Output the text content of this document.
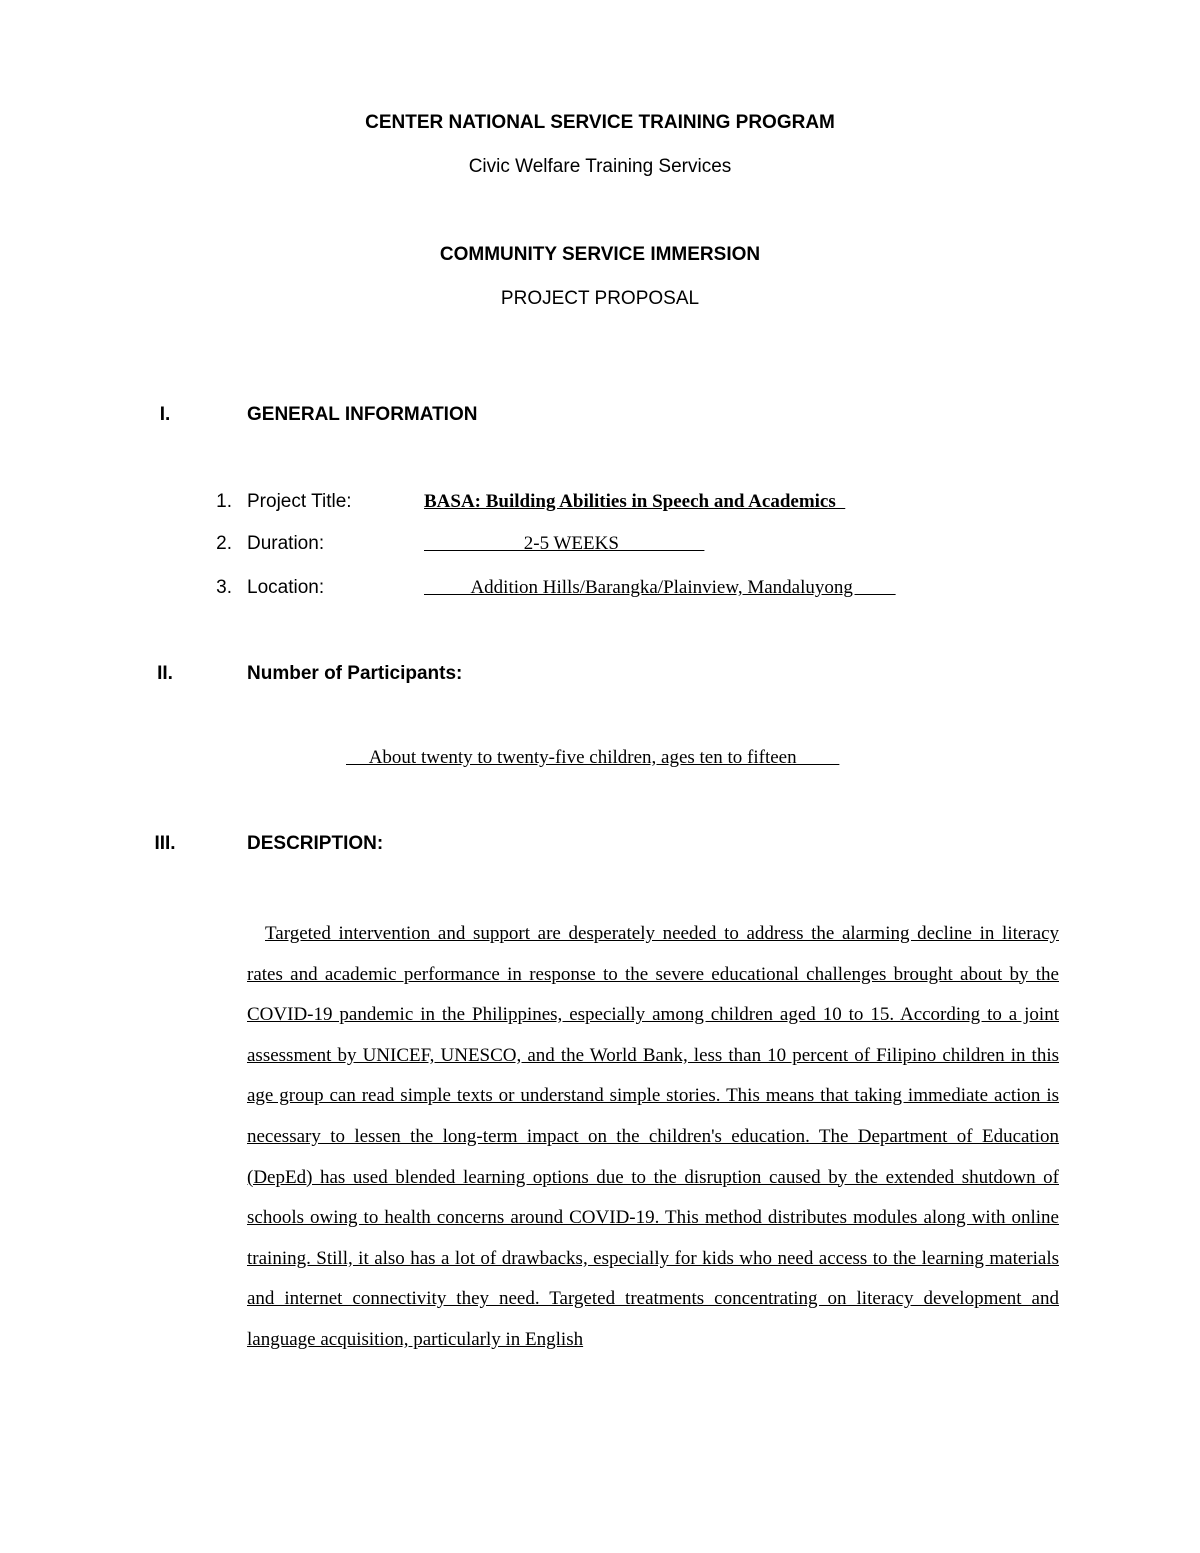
CENTER NATIONAL SERVICE TRAINING PROGRAM
Civic Welfare Training Services
COMMUNITY SERVICE IMMERSION
PROJECT PROPOSAL
I.	GENERAL INFORMATION
1. Project Title:	BASA: Building Abilities in Speech and Academics
2. Duration:	2-5 WEEKS
3. Location:	Addition Hills/Barangka/Plainview, Mandaluyong
II.	Number of Participants:
About twenty to twenty-five children, ages ten to fifteen
III.	DESCRIPTION:

Targeted intervention and support are desperately needed to address the alarming decline in literacy rates and academic performance in response to the severe educational challenges brought about by the COVID-19 pandemic in the Philippines, especially among children aged 10 to 15. According to a joint assessment by UNICEF, UNESCO, and the World Bank, less than 10 percent of Filipino children in this age group can read simple texts or understand simple stories. This means that taking immediate action is necessary to lessen the long-term impact on the children's education. The Department of Education (DepEd) has used blended learning options due to the disruption caused by the extended shutdown of schools owing to health concerns around COVID-19. This method distributes modules along with online training. Still, it also has a lot of drawbacks, especially for kids who need access to the learning materials and internet connectivity they need. Targeted treatments concentrating on literacy development and language acquisition, particularly in English
